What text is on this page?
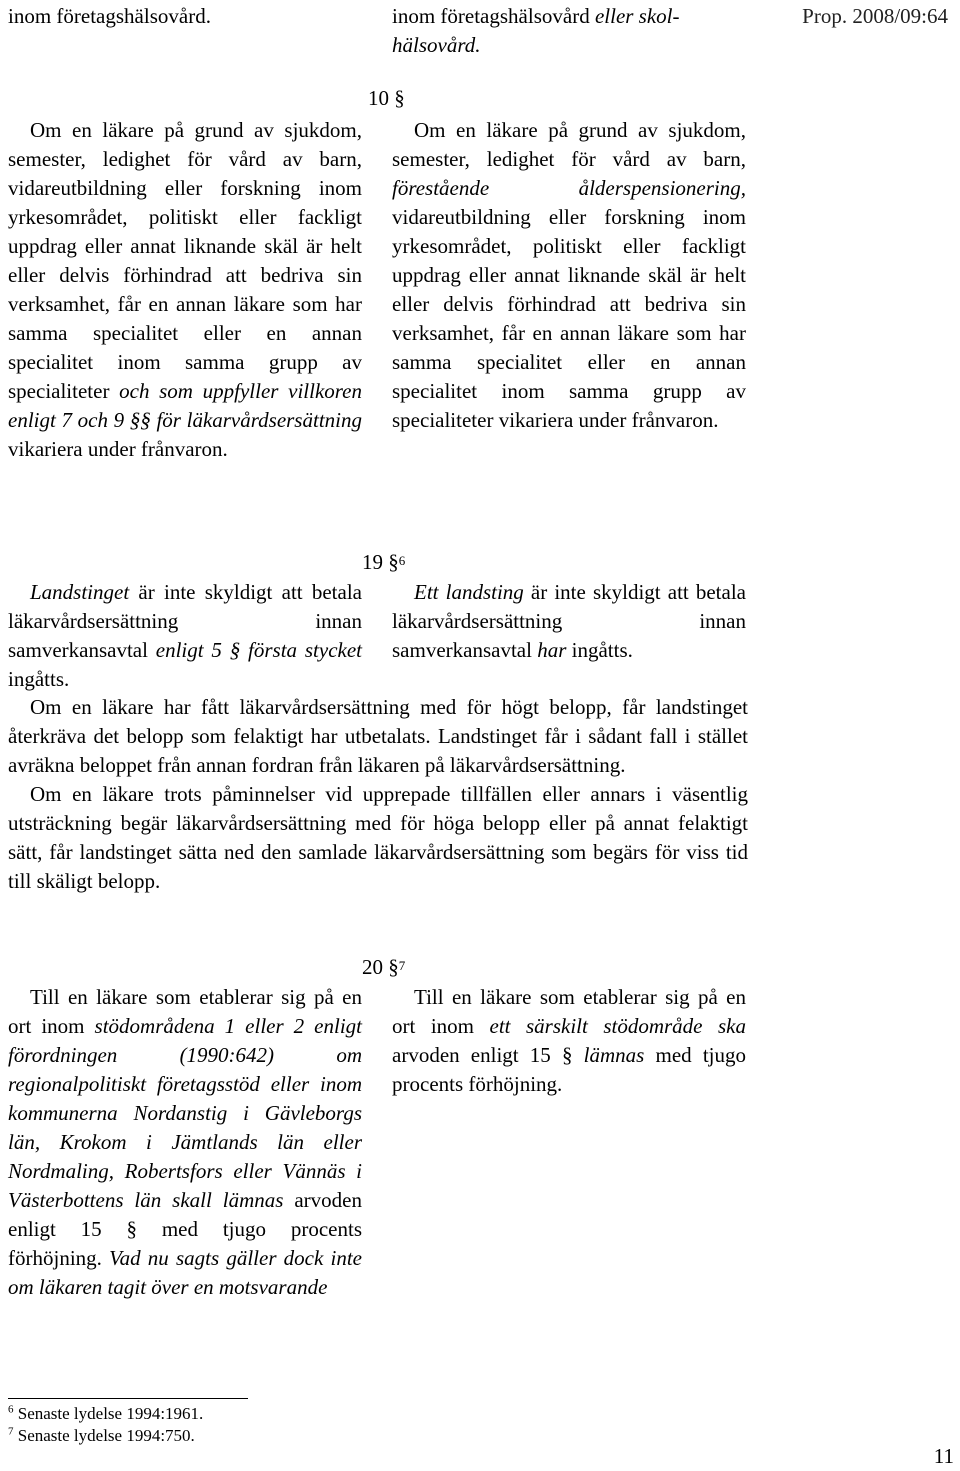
inom företagshälsovård.	inom företagshälsovård eller skol-
hälsovård.
Prop. 2008/09:64
10 §

Om en läkare på grund av sjukdom, semester, ledighet för vård av barn, vidareutbildning eller forskning inom yrkesområdet, politiskt eller fackligt uppdrag eller annat liknande skäl är helt eller delvis förhindrad att bedriva sin verksamhet, får en annan läkare som har samma specialitet eller en annan specialitet inom samma grupp av specialiteter och som uppfyller villkoren enligt 7 och 9 §§ för läkarvårdsersättning vikariera under frånvaron.

Om en läkare på grund av sjukdom, semester, ledighet för vård av barn, förestående ålderspensionering, vidareutbildning eller forskning inom yrkesområdet, politiskt eller fackligt uppdrag eller annat liknande skäl är helt eller delvis förhindrad att bedriva sin verksamhet, får en annan läkare som har samma specialitet eller en annan specialitet inom samma grupp av specialiteter vikariera under frånvaron.

19 §$^6$

Landstinget är inte skyldigt att betala läkarvårdsersättning innan samverkansavtal enligt 5 § första stycket ingåtts.

Ett landsting är inte skyldigt att betala läkarvårdsersättning innan samverkansavtal har ingåtts.

Om en läkare har fått läkarvårdsersättning med för högt belopp, får landstinget återkräva det belopp som felaktigt har utbetalats. Landstinget får i sådant fall i stället avräkna beloppet från annan fordran från läkaren på läkarvårdsersättning.

Om en läkare trots påminnelser vid upprepade tillfällen eller annars i väsentlig utsträckning begär läkarvårdsersättning med för höga belopp eller på annat felaktigt sätt, får landstinget sätta ned den samlade läkarvårdsersättning som begärs för viss tid till skäligt belopp.

20 §$^7$

Till en läkare som etablerar sig på en ort inom stödområdena 1 eller 2 enligt förordningen (1990:642) om regionalpolitiskt företagsstöd eller inom kommunerna Nordanstig i Gävleborgs län, Krokom i Jämtlands län eller Nordmaling, Robertsfors eller Vännäs i Västerbottens län skall lämnas arvoden enligt 15 § med tjugo procents förhöjning. Vad nu sagts gäller dock inte om läkaren tagit över en motsvarande

Till en läkare som etablerar sig på en ort inom ett särskilt stödområde ska arvoden enligt 15 § lämnas med tjugo procents förhöjning.

$^6$ Senaste lydelse 1994:1961.
$^7$ Senaste lydelse 1994:750.
11
